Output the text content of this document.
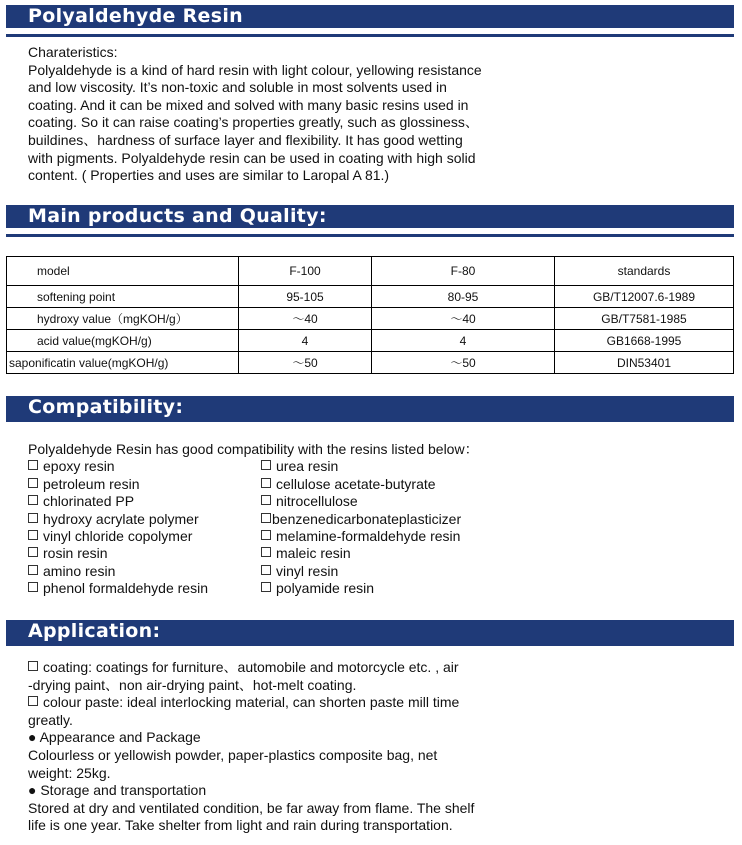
Polyaldehyde Resin

Charateristics:

Polyaldehyde is a kind of hard resin with light colour, yellowing resistance

and low viscosity. It’s non-toxic and soluble in most solvents used in

coating. And it can be mixed and solved with many basic resins used in

coating. So it can raise coating’s properties greatly, such as glossiness、

buildines、hardness of surface layer and flexibility. It has good wetting

with pigments. Polyaldehyde resin can be used in coating with high solid

content. ( Properties and uses are similar to Laropal A 81.)

Main products and Quality:
model	F-100	F-80	standards
softening point	95-105	80-95	GB/T12007.6-1989
hydroxy value（mgKOH/g）	～40	～40	GB/T7581-1985
acid value(mgKOH/g)	4	4	GB1668-1995
saponificatin value(mgKOH/g)	～50	～50	DIN53401
Compatibility:

Polyaldehyde Resin has good compatibility with the resins listed below：

epoxy resin
petroleum resin
chlorinated PP
hydroxy acrylate polymer
vinyl chloride copolymer
rosin resin
amino resin
phenol formaldehyde resin
urea resin
cellulose acetate-butyrate
nitrocellulose
benzenedicarbonateplasticizer
melamine-formaldehyde resin
maleic resin
vinyl resin
polyamide resin
Application:

coating: coatings for furniture、automobile and motorcycle etc. , air

-drying paint、non air-drying paint、hot-melt coating.

colour paste: ideal interlocking material, can shorten paste mill time

greatly.

● Appearance and Package

Colourless or yellowish powder, paper-plastics composite bag, net

weight: 25kg.

● Storage and transportation

Stored at dry and ventilated condition, be far away from flame. The shelf

life is one year. Take shelter from light and rain during transportation.
